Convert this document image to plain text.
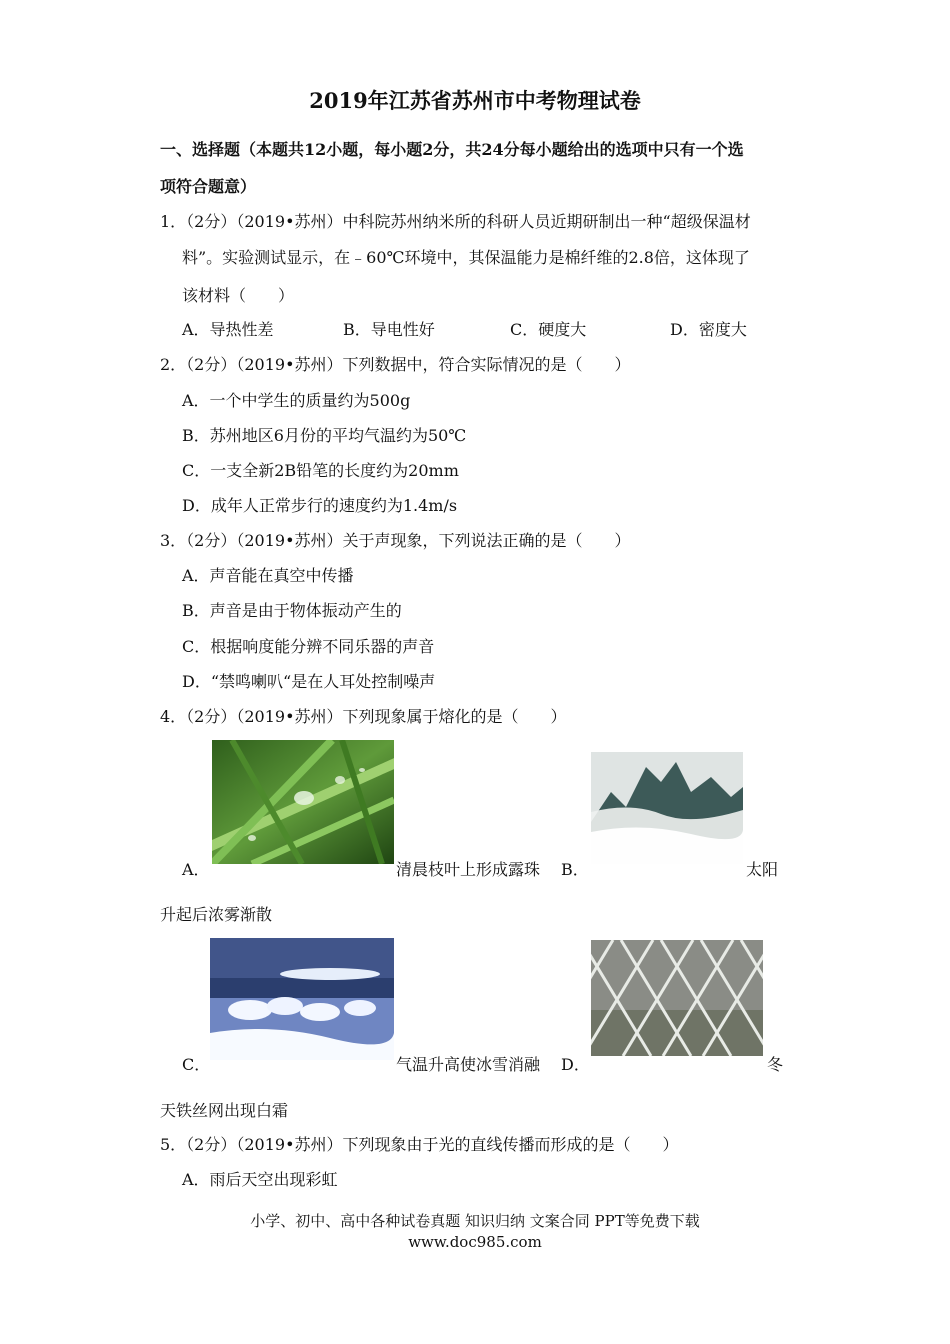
2019年江苏省苏州市中考物理试卷
一、选择题（本题共12小题，每小题2分，共24分每小题给出的选项中只有一个选
项符合题意）
1．（2分）（2019•苏州）中科院苏州纳米所的科研人员近期研制出一种“超级保温材
料”。实验测试显示，在﹣60℃环境中，其保温能力是棉纤维的2.8倍，这体现了
该材料（　　）
A．导热性差	B．导电性好	C．硬度大	D．密度大
2．（2分）（2019•苏州）下列数据中，符合实际情况的是（　　）
A．一个中学生的质量约为500g
B．苏州地区6月份的平均气温约为50℃
C．一支全新2B铅笔的长度约为20mm
D．成年人正常步行的速度约为1.4m/s
3．（2分）（2019•苏州）关于声现象，下列说法正确的是（　　）
A．声音能在真空中传播
B．声音是由于物体振动产生的
C．根据响度能分辨不同乐器的声音
D．“禁鸣喇叭“是在人耳处控制噪声
4．（2分）（2019•苏州）下列现象属于熔化的是（　　）
A．	清晨枝叶上形成露珠 B．	太阳
升起后浓雾渐散
C．	气温升高使冰雪消融 D．	冬
天铁丝网出现白霜
5．（2分）（2019•苏州）下列现象由于光的直线传播而形成的是（　　）
A．雨后天空出现彩虹
小学、初中、高中各种试卷真题 知识归纳 文案合同 PPT等免费下载
www.doc985.com
